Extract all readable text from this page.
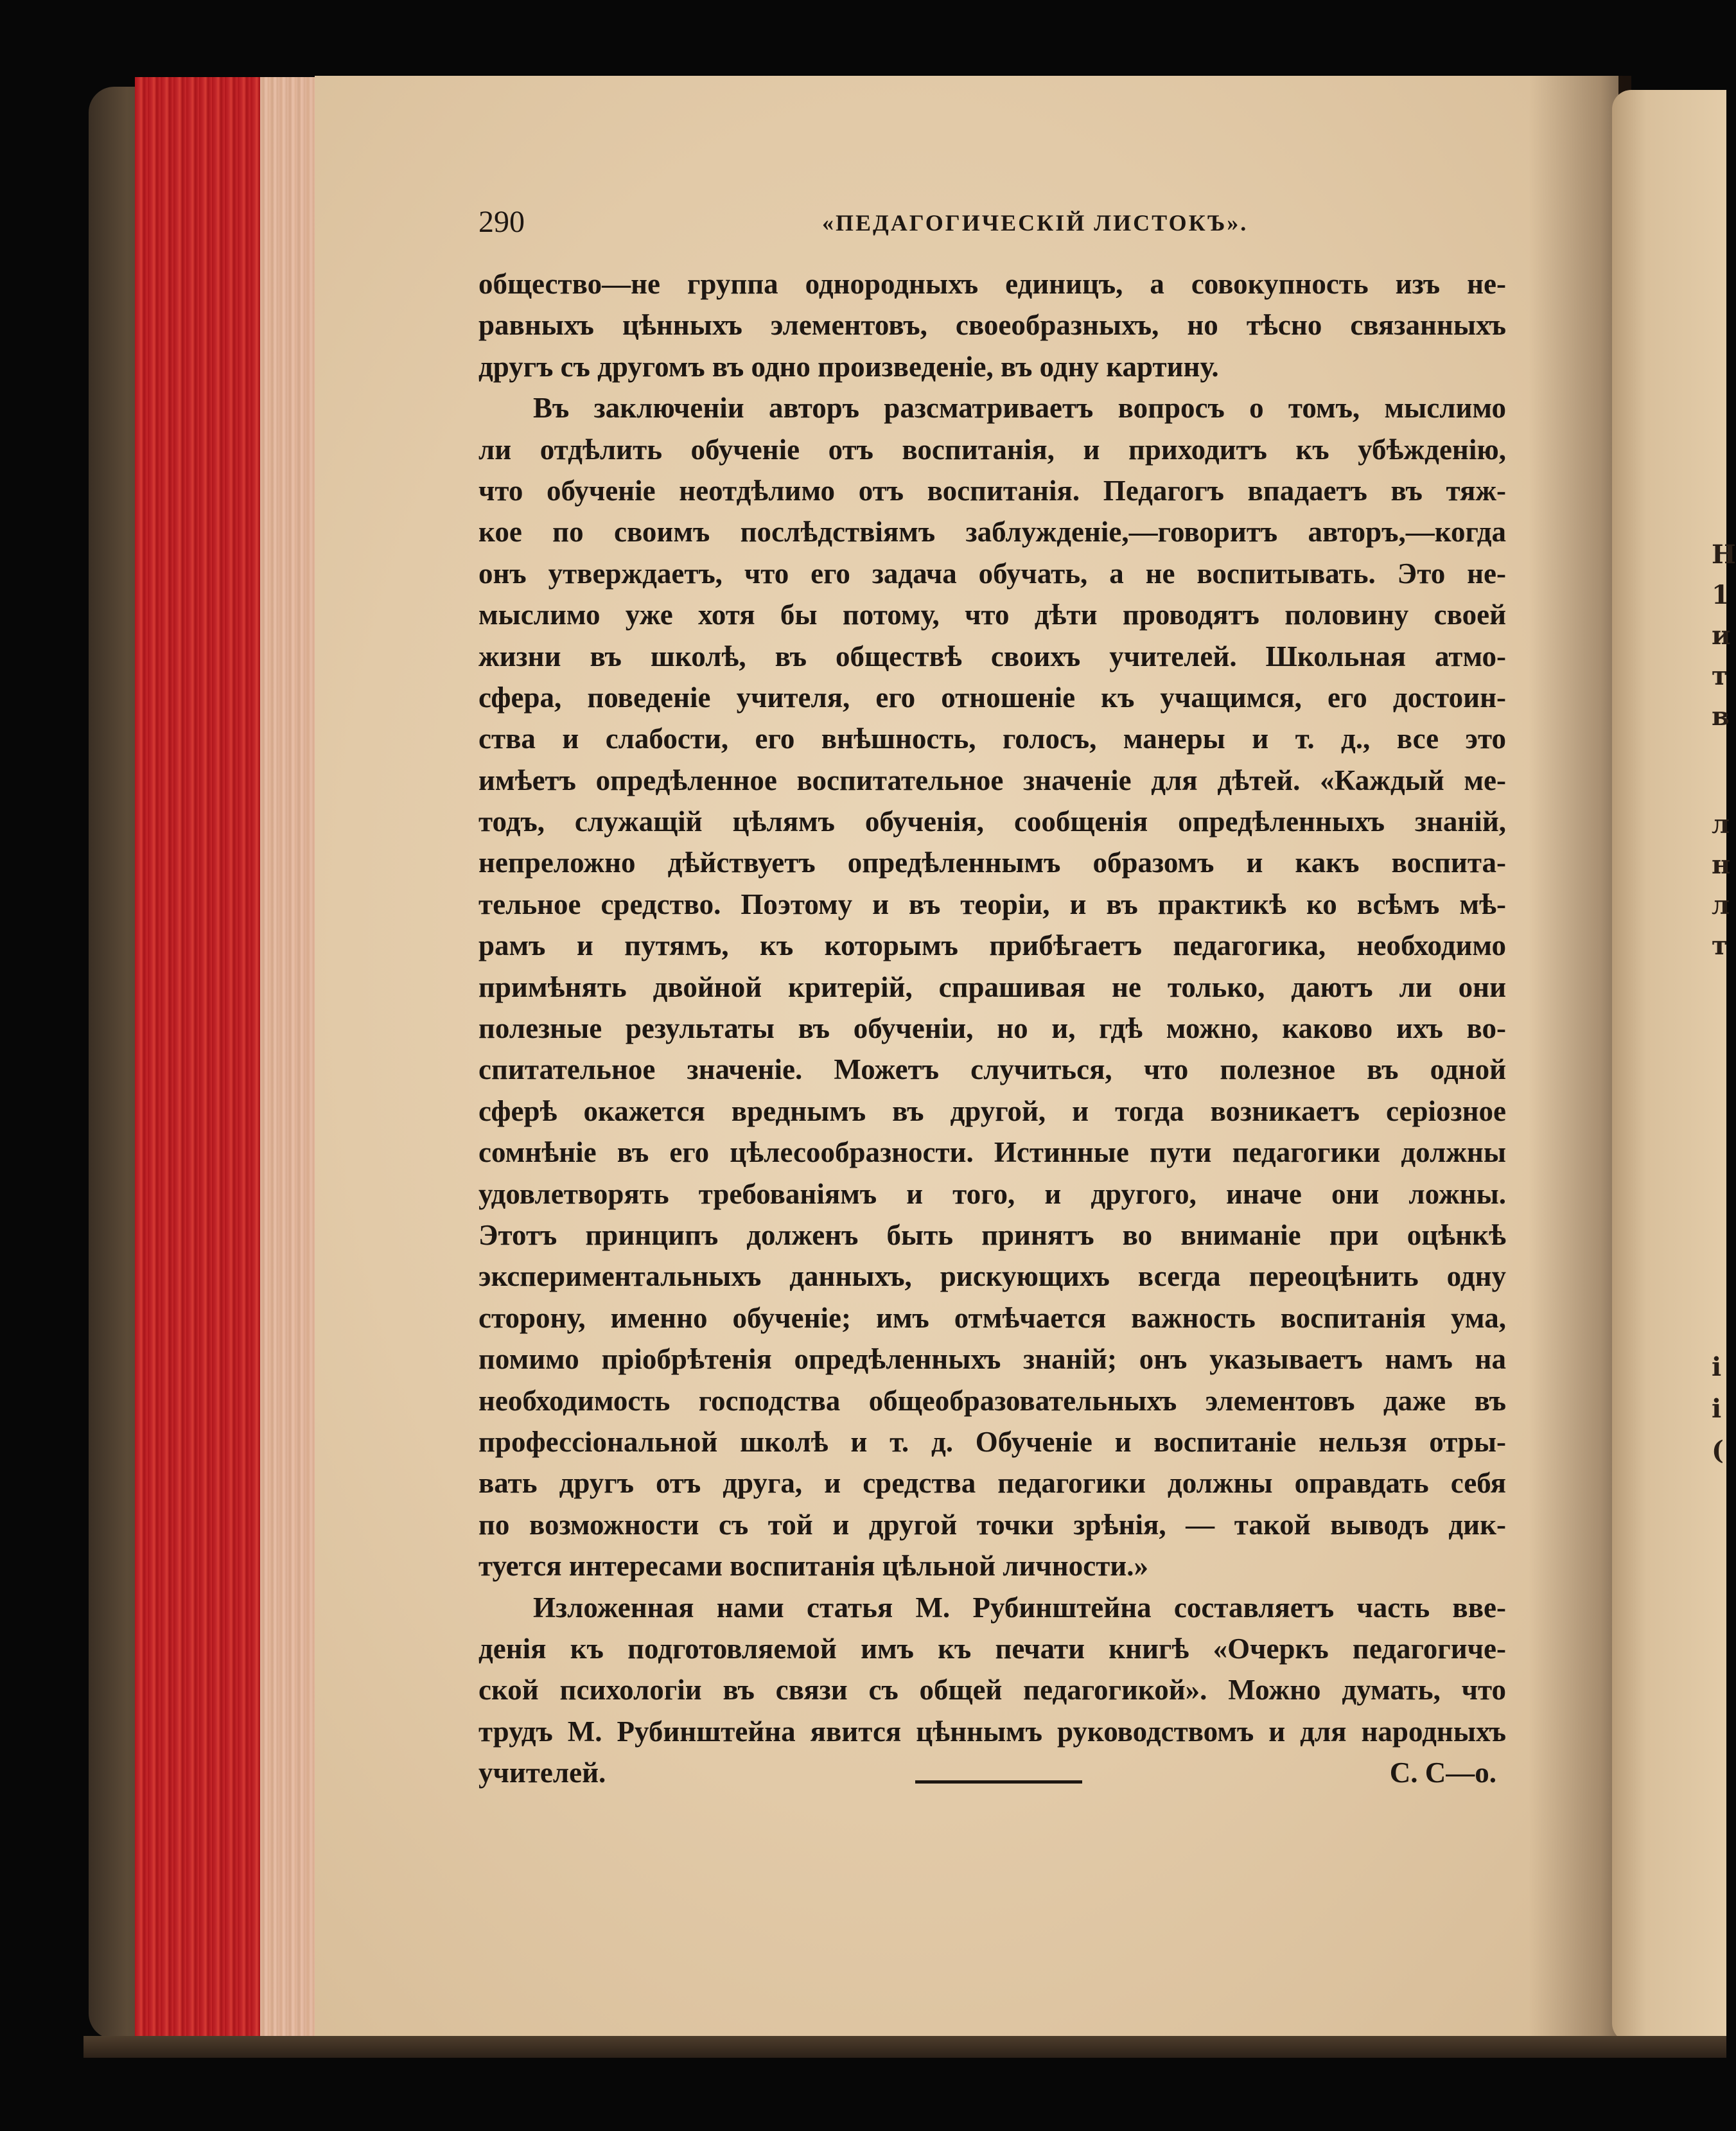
Н
1
и
т
в
л
н
л
т
і
і
(
290	«ПЕДАГОГИЧЕСКІЙ ЛИСТОКЪ».
общество—не группа однородныхъ единицъ, а совокупность изъ не-
равныхъ цѣнныхъ элементовъ, своеобразныхъ, но тѣсно связанныхъ
другъ съ другомъ въ одно произведеніе, въ одну картину.
Въ заключеніи авторъ разсматриваетъ вопросъ о томъ, мыслимо
ли отдѣлить обученіе отъ воспитанія, и приходитъ къ убѣжденію,
что обученіе неотдѣлимо отъ воспитанія. Педагогъ впадаетъ въ тяж-
кое по своимъ послѣдствіямъ заблужденіе,—говоритъ авторъ,—когда
онъ утверждаетъ, что его задача обучать, а не воспитывать. Это не-
мыслимо уже хотя бы потому, что дѣти проводятъ половину своей
жизни въ школѣ, въ обществѣ своихъ учителей. Школьная атмо-
сфера, поведеніе учителя, его отношеніе къ учащимся, его достоин-
ства и слабости, его внѣшность, голосъ, манеры и т. д., все это
имѣетъ опредѣленное воспитательное значеніе для дѣтей. «Каждый ме-
тодъ, служащій цѣлямъ обученія, сообщенія опредѣленныхъ знаній,
непреложно дѣйствуетъ опредѣленнымъ образомъ и какъ воспита-
тельное средство. Поэтому и въ теоріи, и въ практикѣ ко всѣмъ мѣ-
рамъ и путямъ, къ которымъ прибѣгаетъ педагогика, необходимо
примѣнять двойной критерій, спрашивая не только, даютъ ли они
полезные результаты въ обученіи, но и, гдѣ можно, каково ихъ во-
спитательное значеніе. Можетъ случиться, что полезное въ одной
сферѣ окажется вреднымъ въ другой, и тогда возникаетъ серіозное
сомнѣніе въ его цѣлесообразности. Истинные пути педагогики должны
удовлетворять требованіямъ и того, и другого, иначе они ложны.
Этотъ принципъ долженъ быть принятъ во вниманіе при оцѣнкѣ
экспериментальныхъ данныхъ, рискующихъ всегда переоцѣнить одну
сторону, именно обученіе; имъ отмѣчается важность воспитанія ума,
помимо пріобрѣтенія опредѣленныхъ знаній; онъ указываетъ намъ на
необходимость господства общеобразовательныхъ элементовъ даже въ
профессіональной школѣ и т. д. Обученіе и воспитаніе нельзя отры-
вать другъ отъ друга, и средства педагогики должны оправдать себя
по возможности съ той и другой точки зрѣнія, — такой выводъ дик-
туется интересами воспитанія цѣльной личности.»
Изложенная нами статья М. Рубинштейна составляетъ часть вве-
денія къ подготовляемой имъ къ печати книгѣ «Очеркъ педагогиче-
ской психологіи въ связи съ общей педагогикой». Можно думать, что
трудъ М. Рубинштейна явится цѣннымъ руководствомъ и для народныхъ
учителей.	С. С—о.
